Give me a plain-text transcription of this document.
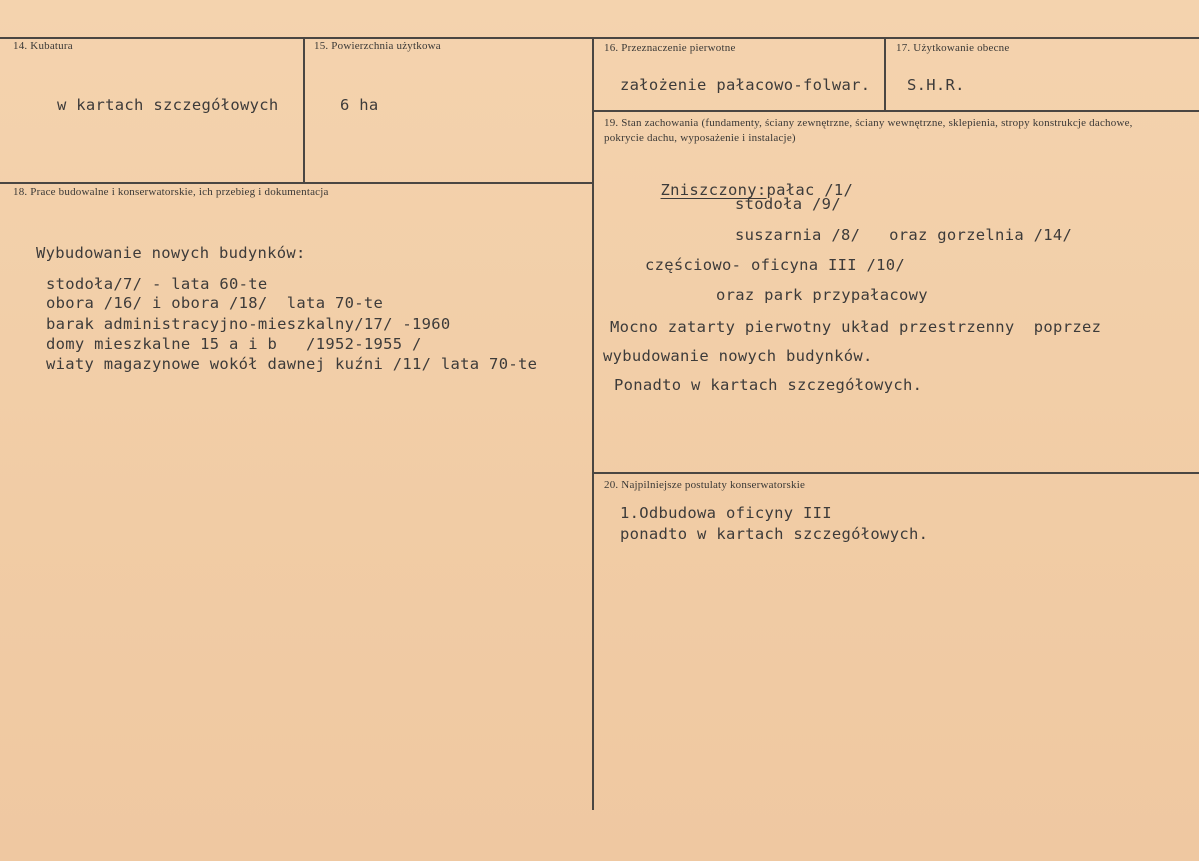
14. Kubatura
w kartach szczegółowych
15. Powierzchnia użytkowa
6 ha
16. Przeznaczenie pierwotne
założenie pałacowo-folwar.
17. Użytkowanie obecne
S.H.R.
18. Prace budowalne i konserwatorskie, ich przebieg i dokumentacja
Wybudowanie nowych budynków:
stodoła/7/ - lata 60-te
obora /16/ i obora /18/  lata 70-te
barak administracyjno-mieszkalny/17/ -1960
domy mieszkalne 15 a i b   /1952-1955 /
wiaty magazynowe wokół dawnej kuźni /11/ lata 70-te
19. Stan zachowania (fundamenty, ściany zewnętrzne, ściany wewnętrzne, sklepienia, stropy konstrukcje dachowe, pokrycie dachu, wyposażenie i instalacje)

Zniszczony:pałac /1/

stodoła /9/
suszarnia /8/   oraz gorzelnia /14/
częściowo- oficyna III /10/
oraz park przypałacowy
Mocno zatarty pierwotny układ przestrzenny  poprzez
wybudowanie nowych budynków.
Ponadto w kartach szczegółowych.
20. Najpilniejsze postulaty konserwatorskie
1.Odbudowa oficyny III
ponadto w kartach szczegółowych.
